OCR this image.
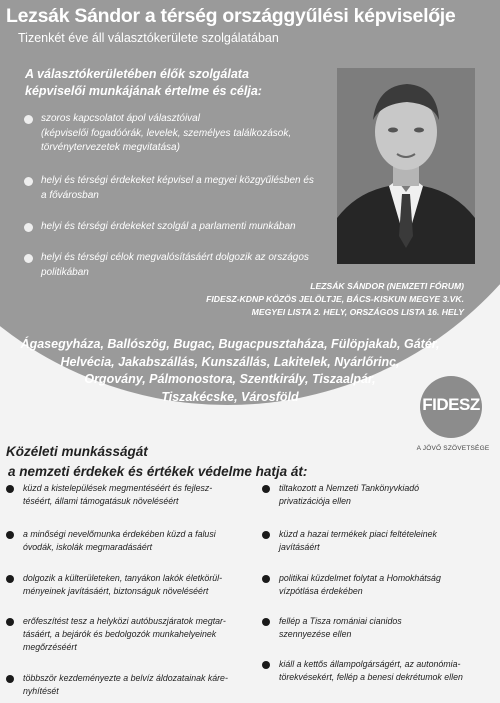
Lezsák Sándor a térség országgyűlési képviselője

Tizenkét éve áll választókerülete szolgálatában

A választókerületében élők szolgálata
képviselői munkájának értelme és célja:

szoros kapcsolatot ápol választóival
(képviselői fogadóórák, levelek, személyes találkozások,
törvénytervezetek megvitatása)
helyi és térségi érdekeket képvisel a megyei közgyűlésben és
a fővárosban
helyi és térségi érdekeket szolgál a parlamenti munkában
helyi és térségi célok megvalósításáért dolgozik az országos
politikában

LEZSÁK SÁNDOR (NEMZETI FÓRUM)
FIDESZ-KDNP KÖZÖS JELÖLTJE, BÁCS-KISKUN MEGYE 3.VK.
MEGYEI LISTA 2. HELY, ORSZÁGOS LISTA 16. HELY

Ágasegyháza, Ballószög, Bugac, Bugacpusztaháza, Fülöpjakab, Gátér,
Helvécia, Jakabszállás, Kunszállás, Lakitelek, Nyárlőrinc,
Orgovány, Pálmonostora, Szentkirály, Tiszaalpár,
Tiszakécske, Városföld	FIDESZ
A JÖVŐ SZÖVETSÉGE
Közéleti munkásságát
a nemzeti érdekek és értékek védelme hatja át:
küzd a kistelepülések megmentéséért és fejlesz-
téséért, állami támogatásuk növeléséért
a minőségi nevelőmunka érdekében küzd a falusi
óvodák, iskolák megmaradásáért
dolgozik a külterületeken, tanyákon lakók életkörül-
ményeinek javításáért, biztonságuk növeléséért
erőfeszítést tesz a helyközi autóbuszjáratok megtar-
tásáért, a bejárók és bedolgozók munkahelyeinek
megőrzéséért
többször kezdeményezte a belvíz áldozatainak káre-
nyhítését
tiltakozott a Nemzeti Tankönyvkiadó
privatizációja ellen
küzd a hazai termékek piaci feltételeinek
javításáért
politikai küzdelmet folytat a Homokhátság
vízpótlása érdekében
fellép a Tisza romániai cianidos
szennyezése ellen
kiáll a kettős állampolgárságért, az autonómia-
törekvésekért, fellép a benesi dekrétumok ellen
